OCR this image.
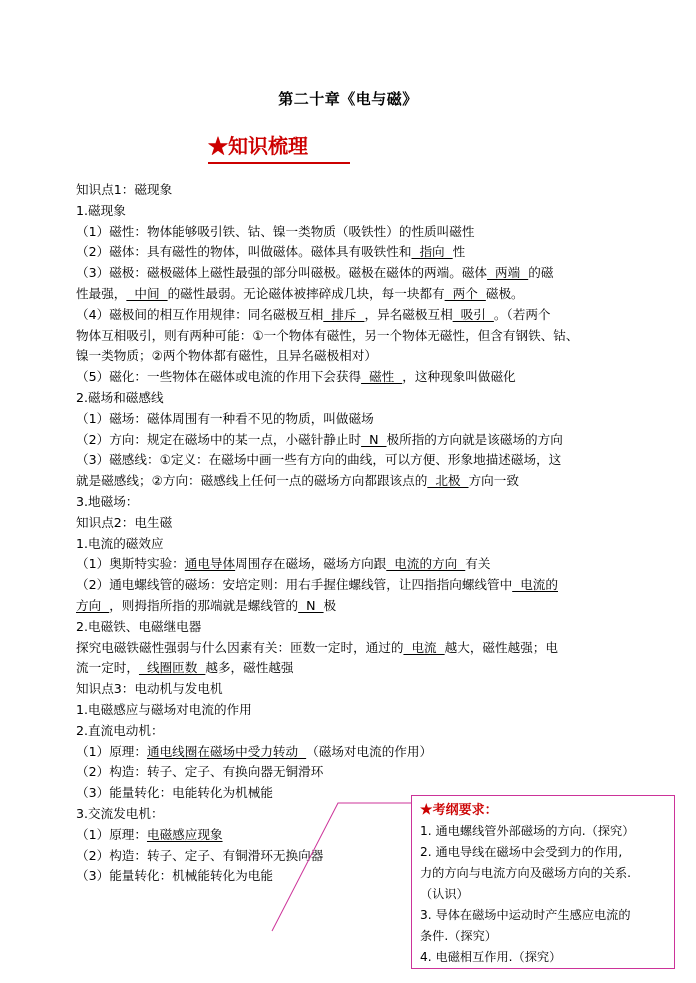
第二十章《电与磁》
★知识梳理
知识点1：磁现象
1.磁现象
（1）磁性：物体能够吸引铁、钴、镍一类物质（吸铁性）的性质叫磁性
（2）磁体：具有磁性的物体，叫做磁体。磁体具有吸铁性和  指向  性
（3）磁极：磁极磁体上磁性最强的部分叫磁极。磁极在磁体的两端。磁体  两端  的磁
性最强，  中间  的磁性最弱。无论磁体被摔碎成几块，每一块都有  两个  磁极。
（4）磁极间的相互作用规律：同名磁极互相  排斥  ，异名磁极互相  吸引  。（若两个
物体互相吸引，则有两种可能：①一个物体有磁性，另一个物体无磁性，但含有钢铁、钴、
镍一类物质；②两个物体都有磁性，且异名磁极相对）
（5）磁化：一些物体在磁体或电流的作用下会获得  磁性  ，这种现象叫做磁化
2.磁场和磁感线
（1）磁场：磁体周围有一种看不见的物质，叫做磁场
（2）方向：规定在磁场中的某一点，小磁针静止时  N  极所指的方向就是该磁场的方向
（3）磁感线：①定义：在磁场中画一些有方向的曲线，可以方便、形象地描述磁场，这
就是磁感线；②方向：磁感线上任何一点的磁场方向都跟该点的  北极  方向一致
3.地磁场：
知识点2：电生磁
1.电流的磁效应
（1）奥斯特实验：通电导体周围存在磁场，磁场方向跟  电流的方向  有关
（2）通电螺线管的磁场：安培定则：用右手握住螺线管，让四指指向螺线管中  电流的
方向  ，则拇指所指的那端就是螺线管的  N  极
2.电磁铁、电磁继电器
探究电磁铁磁性强弱与什么因素有关：匝数一定时，通过的  电流  越大，磁性越强；电
流一定时，  线圈匝数  越多，磁性越强
知识点3：电动机与发电机
1.电磁感应与磁场对电流的作用
2.直流电动机：
（1）原理：通电线圈在磁场中受力转动  （磁场对电流的作用）
（2）构造：转子、定子、有换向器无铜滑环
（3）能量转化：电能转化为机械能
3.交流发电机：
（1）原理：电磁感应现象
（2）构造：转子、定子、有铜滑环无换向器
（3）能量转化：机械能转化为电能
★考纲要求：
1. 通电螺线管外部磁场的方向.（探究）
2. 通电导线在磁场中会受到力的作用,
力的方向与电流方向及磁场方向的关系.
（认识）
3. 导体在磁场中运动时产生感应电流的
条件.（探究）
4. 电磁相互作用.（探究）
